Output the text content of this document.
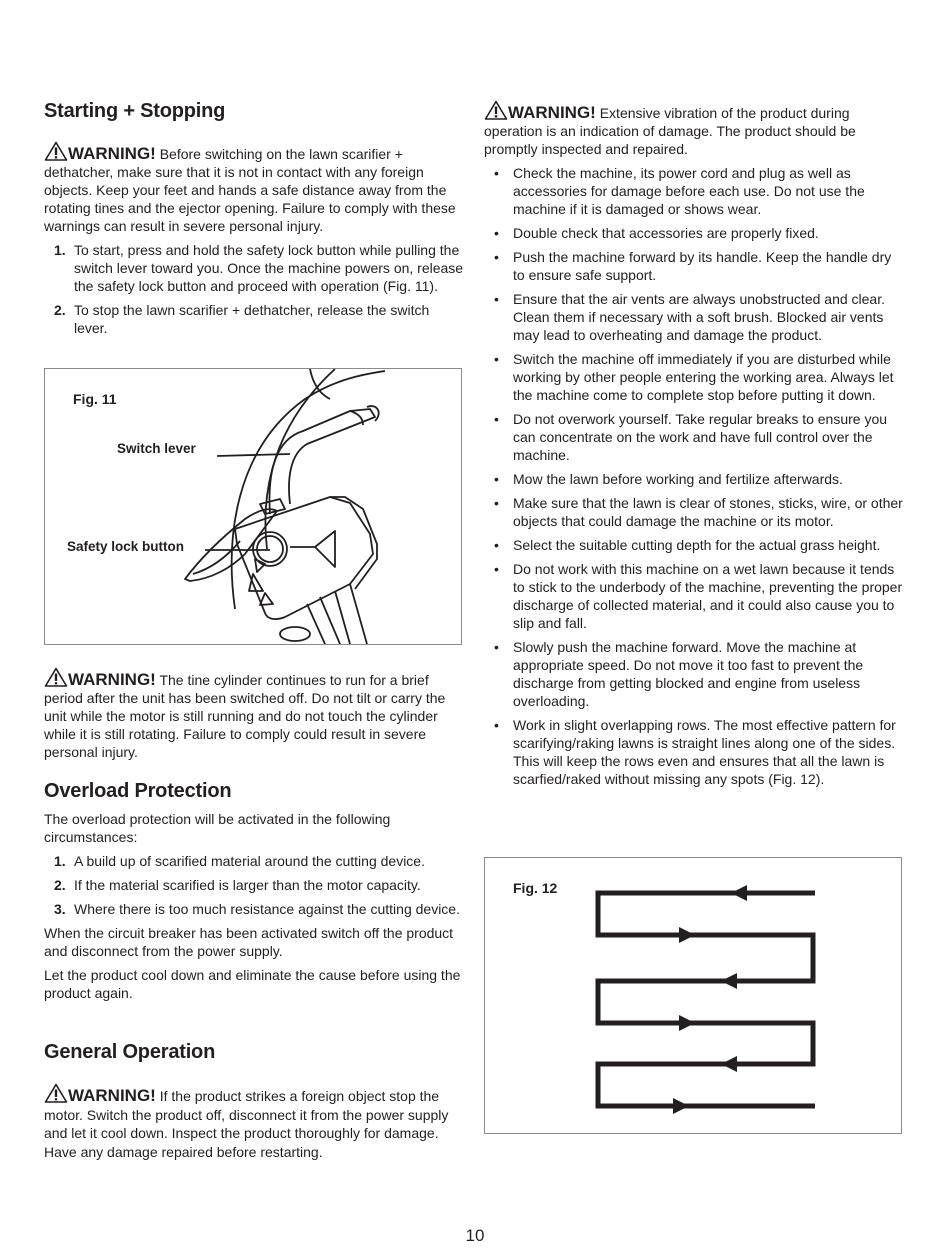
Starting + Stopping

WARNING! Before switching on the lawn scarifier + dethatcher, make sure that it is not in contact with any foreign objects. Keep your feet and hands a safe distance away from the rotating tines and the ejector opening. Failure to comply with these warnings can result in severe personal injury.

1. To start, press and hold the safety lock button while pulling the switch lever toward you. Once the machine powers on, release the safety lock button and proceed with operation (Fig. 11).
2. To stop the lawn scarifier + dethatcher, release the switch lever.
Fig. 11
Switch lever
Safety lock button

WARNING! The tine cylinder continues to run for a brief period after the unit has been switched off. Do not tilt or carry the unit while the motor is still running and do not touch the cylinder while it is still rotating. Failure to comply could result in severe personal injury.

Overload Protection

The overload protection will be activated in the following circumstances:

1. A build up of scarified material around the cutting device.
2. If the material scarified is larger than the motor capacity.
3. Where there is too much resistance against the cutting device.

When the circuit breaker has been activated switch off the product and disconnect from the power supply.

Let the product cool down and eliminate the cause before using the product again.

General Operation

WARNING! If the product strikes a foreign object stop the motor. Switch the product off, disconnect it from the power supply and let it cool down. Inspect the product thoroughly for damage. Have any damage repaired before restarting.

WARNING! Extensive vibration of the product during operation is an indication of damage. The product should be promptly inspected and repaired.

• Check the machine, its power cord and plug as well as accessories for damage before each use. Do not use the machine if it is damaged or shows wear.
• Double check that accessories are properly fixed.
• Push the machine forward by its handle. Keep the handle dry to ensure safe support.
• Ensure that the air vents are always unobstructed and clear. Clean them if necessary with a soft brush. Blocked air vents may lead to overheating and damage the product.
• Switch the machine off immediately if you are disturbed while working by other people entering the working area. Always let the machine come to complete stop before putting it down.
• Do not overwork yourself. Take regular breaks to ensure you can concentrate on the work and have full control over the machine.
• Mow the lawn before working and fertilize afterwards.
• Make sure that the lawn is clear of stones, sticks, wire, or other objects that could damage the machine or its motor.
• Select the suitable cutting depth for the actual grass height.
• Do not work with this machine on a wet lawn because it tends to stick to the underbody of the machine, preventing the proper discharge of collected material, and it could also cause you to slip and fall.
• Slowly push the machine forward. Move the machine at appropriate speed. Do not move it too fast to prevent the discharge from getting blocked and engine from useless overloading.
• Work in slight overlapping rows. The most effective pattern for scarifying/raking lawns is straight lines along one of the sides. This will keep the rows even and ensures that all the lawn is scarfied/raked without missing any spots (Fig. 12).
Fig. 12
10
